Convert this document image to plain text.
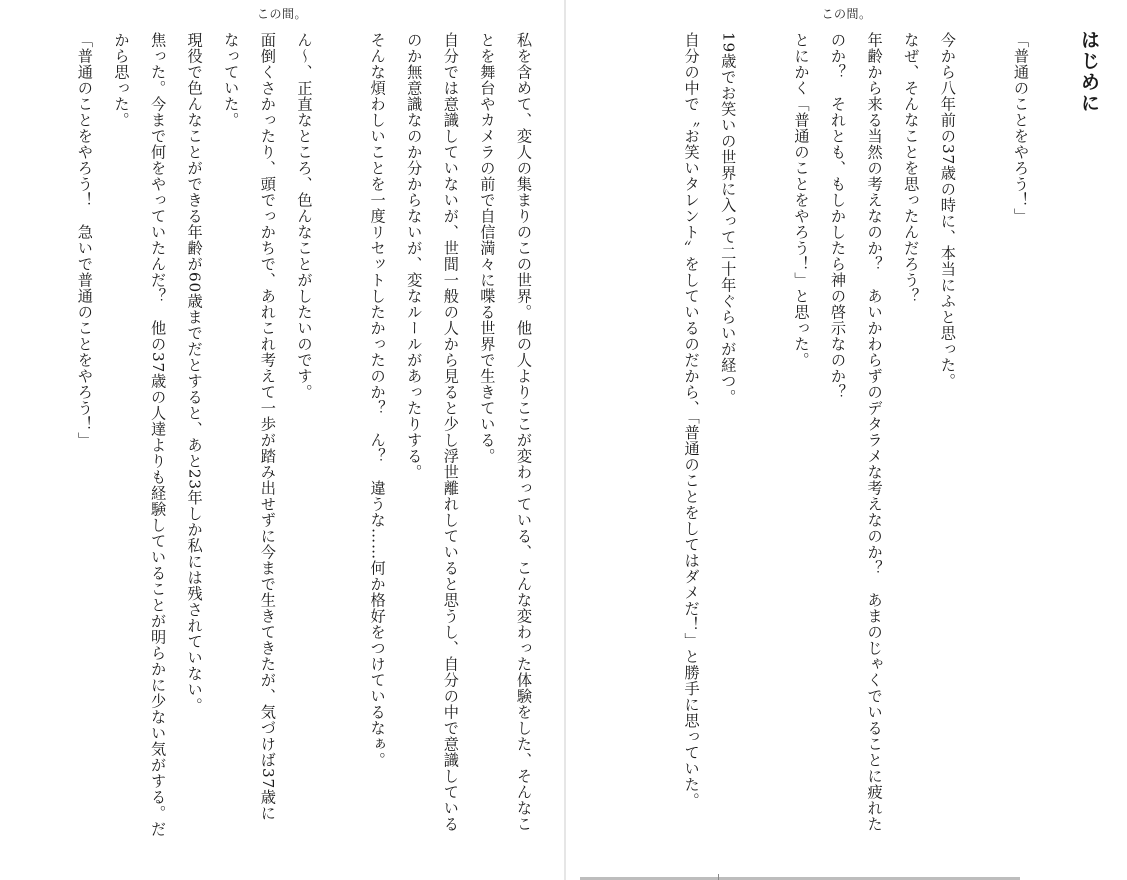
この間。
私を含めて、変人の集まりのこの世界。他の人よりここが変わっている、こんな変わった体験をした、そんなこ
とを舞台やカメラの前で自信満々に喋る世界で生きている。
自分では意識していないが、世間一般の人から見ると少し浮世離れしていると思うし、自分の中で意識している
のか無意識なのか分からないが、変なルールがあったりする。
そんな煩わしいことを一度リセットしたかったのか？　ん？　違うな……何か格好をつけているなぁ。

ん～、正直なところ、色んなことがしたいのです。
面倒くさかったり、頭でっかちで、あれこれ考えて一歩が踏み出せずに今まで生きてきたが、気づけば37歳に
なっていた。
現役で色んなことができる年齢が60歳までだとすると、あと23年しか私には残されていない。
焦った。今まで何をやっていたんだ？　他の37歳の人達よりも経験していることが明らかに少ない気がする。だ
から思った。
「普通のことをやろう！　急いで普通のことをやろう！」
この間。
はじめに
「普通のことをやろう！」

今から八年前の37歳の時に、本当にふと思った。
なぜ、そんなことを思ったんだろう？
年齢から来る当然の考えなのか？　あいかわらずのデタラメな考えなのか？　あまのじゃくでいることに疲れた
のか？　それとも、もしかしたら神の啓示なのか？
とにかく「普通のことをやろう！」と思った。

19歳でお笑いの世界に入って二十年ぐらいが経つ。
自分の中で〝お笑いタレント〟をしているのだから、「普通のことをしてはダメだ！」と勝手に思っていた。
